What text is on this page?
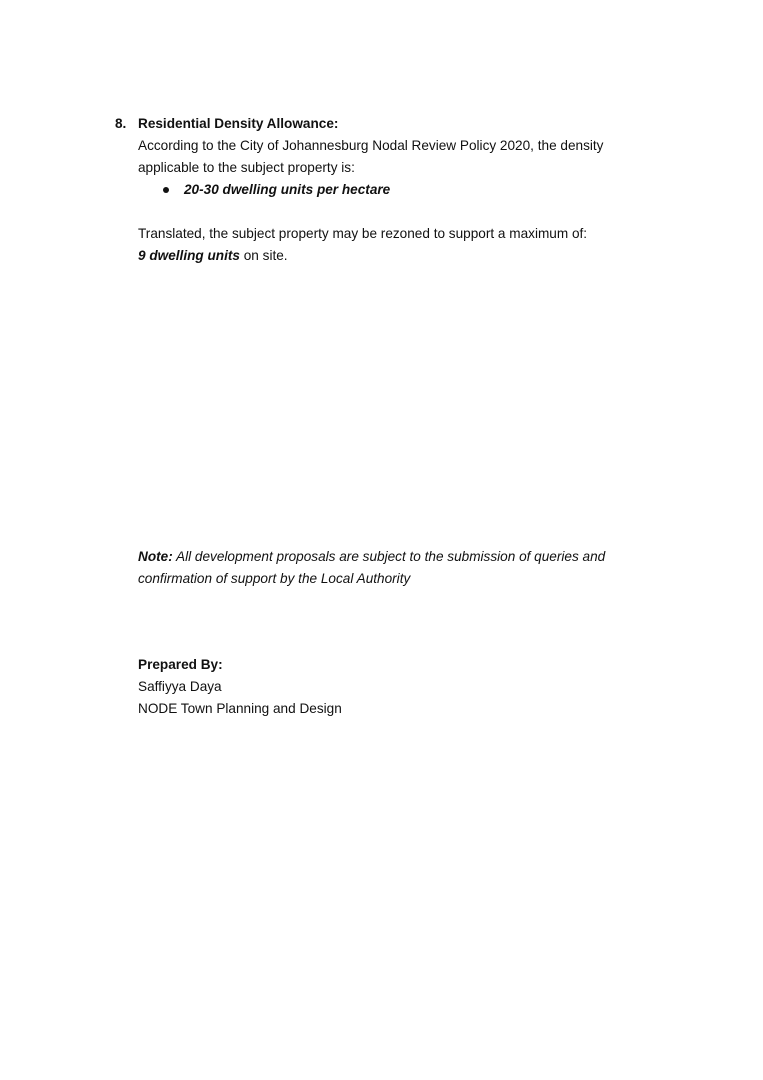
8. Residential Density Allowance:
According to the City of Johannesburg Nodal Review Policy 2020, the density
applicable to the subject property is:
20-30 dwelling units per hectare
Translated, the subject property may be rezoned to support a maximum of:
9 dwelling units on site.
Note: All development proposals are subject to the submission of queries and
confirmation of support by the Local Authority
Prepared By:
Saffiyya Daya
NODE Town Planning and Design
